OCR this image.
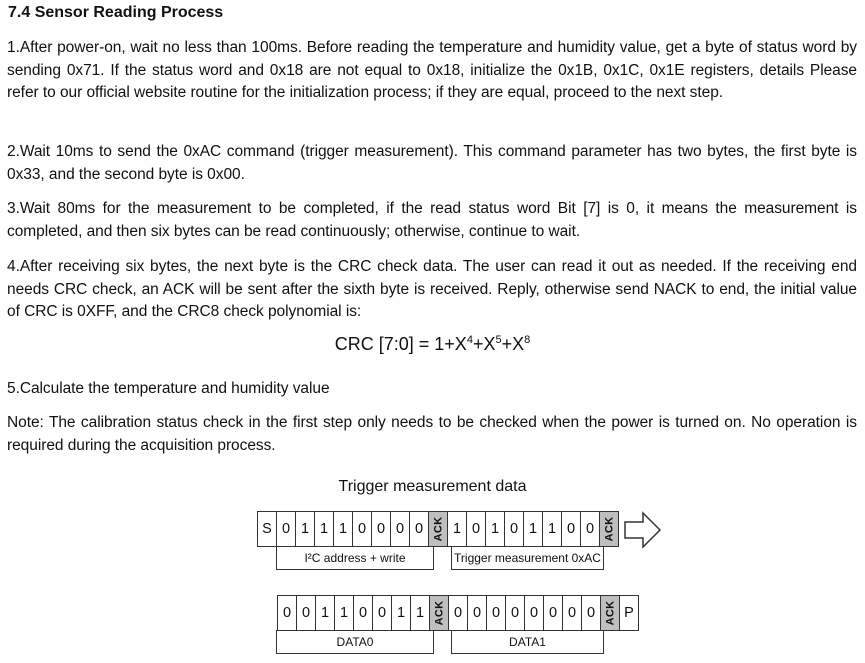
7.4 Sensor Reading Process

1.After power-on, wait no less than 100ms. Before reading the temperature and humidity value, get a byte of status word by sending 0x71. If the status word and 0x18 are not equal to 0x18, initialize the 0x1B, 0x1C, 0x1E registers, details Please refer to our official website routine for the initialization process; if they are equal, proceed to the next step.

2.Wait 10ms to send the 0xAC command (trigger measurement). This command parameter has two bytes, the first byte is 0x33, and the second byte is 0x00.

3.Wait 80ms for the measurement to be completed, if the read status word Bit [7] is 0, it means the measurement is completed, and then six bytes can be read continuously; otherwise, continue to wait.

4.After receiving six bytes, the next byte is the CRC check data. The user can read it out as needed. If the receiving end needs CRC check, an ACK will be sent after the sixth byte is received. Reply, otherwise send NACK to end, the initial value of CRC is 0XFF, and the CRC8 check polynomial is:

CRC [7:0] = $1+X^4+X^5+X^8$

5.Calculate the temperature and humidity value

Note: The calibration status check in the first step only needs to be checked when the power is turned on. No operation is required during the acquisition process.

Trigger measurement data
S 0 1 1 1 0 0 0 0 ACK 1 0 1 0 1 1 0 0 ACK
I²C address + write	Trigger measurement 0xAC
0 0 1 1 0 0 1 1 ACK 0 0 0 0 0 0 0 0 ACK P
DATA0	DATA1
